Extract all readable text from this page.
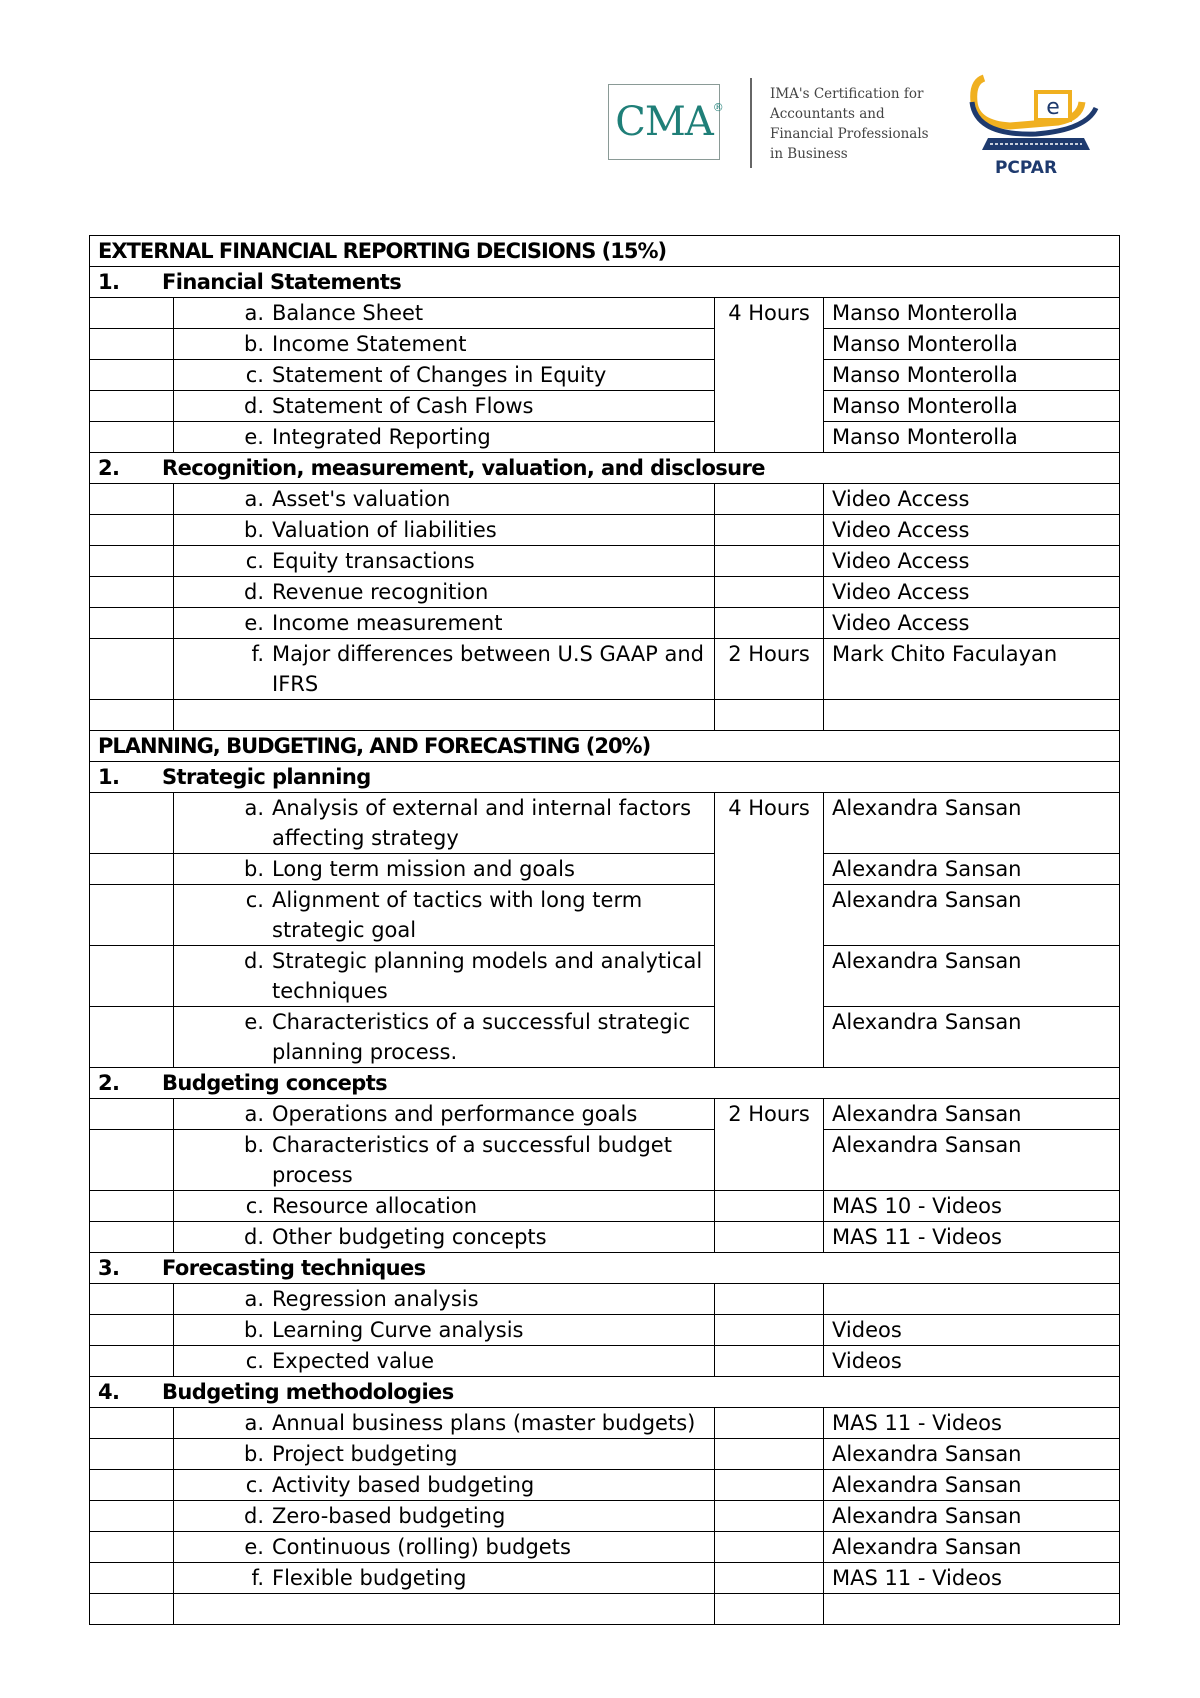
CMA ®
IMA's Certification for
Accountants and
Financial Professionals
in Business
e
PCPAR
EXTERNAL FINANCIAL REPORTING DECISIONS (15%)			
1. Financial Statements			

	a. Balance Sheet	4 Hours	Manso Monterolla

	b. Income Statement		Manso Monterolla

	c. Statement of Changes in Equity		Manso Monterolla

	d. Statement of Cash Flows		Manso Monterolla

	e. Integrated Reporting		Manso Monterolla
2. Recognition, measurement, valuation, and disclosure			

	a. Asset's valuation		Video Access

	b. Valuation of liabilities		Video Access

	c. Equity transactions		Video Access

	d. Revenue recognition		Video Access

	e. Income measurement		Video Access

	f. Major differences between U.S GAAP and IFRS	2 Hours	Mark Chito Faculayan

PLANNING, BUDGETING, AND FORECASTING (20%)			
1. Strategic planning			

	a. Analysis of external and internal factors affecting strategy	4 Hours	Alexandra Sansan

	b. Long term mission and goals		Alexandra Sansan

	c. Alignment of tactics with long term strategic goal		Alexandra Sansan

	d. Strategic planning models and analytical techniques		Alexandra Sansan

	e. Characteristics of a successful strategic planning process.		Alexandra Sansan
2. Budgeting concepts			

	a. Operations and performance goals	2 Hours	Alexandra Sansan

	b. Characteristics of a successful budget process		Alexandra Sansan

	c. Resource allocation		MAS 10 - Videos

	d. Other budgeting concepts		MAS 11 - Videos
3. Forecasting techniques			

	a. Regression analysis		

	b. Learning Curve analysis		Videos

	c. Expected value		Videos
4. Budgeting methodologies			

	a. Annual business plans (master budgets)		MAS 11 - Videos

	b. Project budgeting		Alexandra Sansan

	c. Activity based budgeting		Alexandra Sansan

	d. Zero-based budgeting		Alexandra Sansan

	e. Continuous (rolling) budgets		Alexandra Sansan

	f. Flexible budgeting		MAS 11 - Videos
